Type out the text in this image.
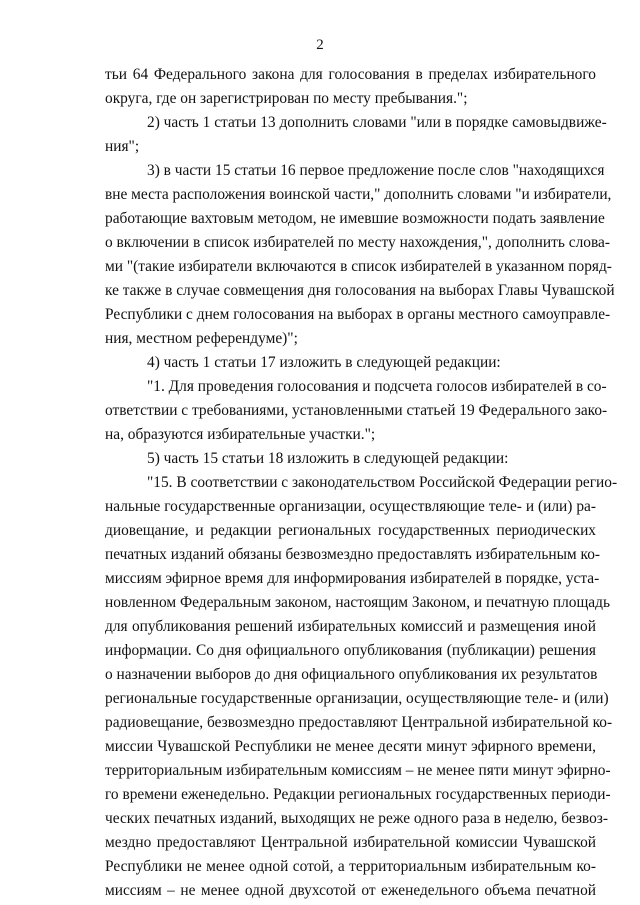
2
тьи 64 Федерального закона для голосования в пределах избирательного
округа, где он зарегистрирован по месту пребывания.";
2) часть 1 статьи 13 дополнить словами "или в порядке самовыдвиже-
ния";
3) в части 15 статьи 16 первое предложение после слов "находящихся
вне места расположения воинской части," дополнить словами "и избиратели,
работающие вахтовым методом, не имевшие возможности подать заявление
о включении в список избирателей по месту нахождения,", дополнить слова-
ми "(такие избиратели включаются в список избирателей в указанном поряд-
ке также в случае совмещения дня голосования на выборах Главы Чувашской
Республики с днем голосования на выборах в органы местного самоуправле-
ния, местном референдуме)";
4) часть 1 статьи 17 изложить в следующей редакции:
"1. Для проведения голосования и подсчета голосов избирателей в со-
ответствии с требованиями, установленными статьей 19 Федерального зако-
на, образуются избирательные участки.";
5) часть 15 статьи 18 изложить в следующей редакции:
"15. В соответствии с законодательством Российской Федерации регио-
нальные государственные организации, осуществляющие теле- и (или) ра-
диовещание, и редакции региональных государственных периодических
печатных изданий обязаны безвозмездно предоставлять избирательным ко-
миссиям эфирное время для информирования избирателей в порядке, уста-
новленном Федеральным законом, настоящим Законом, и печатную площадь
для опубликования решений избирательных комиссий и размещения иной
информации. Со дня официального опубликования (публикации) решения
о назначении выборов до дня официального опубликования их результатов
региональные государственные организации, осуществляющие теле- и (или)
радиовещание, безвозмездно предоставляют Центральной избирательной ко-
миссии Чувашской Республики не менее десяти минут эфирного времени,
территориальным избирательным комиссиям – не менее пяти минут эфирно-
го времени еженедельно. Редакции региональных государственных периоди-
ческих печатных изданий, выходящих не реже одного раза в неделю, безвоз-
мездно предоставляют Центральной избирательной комиссии Чувашской
Республики не менее одной сотой, а территориальным избирательным ко-
миссиям – не менее одной двухсотой от еженедельного объема печатной
